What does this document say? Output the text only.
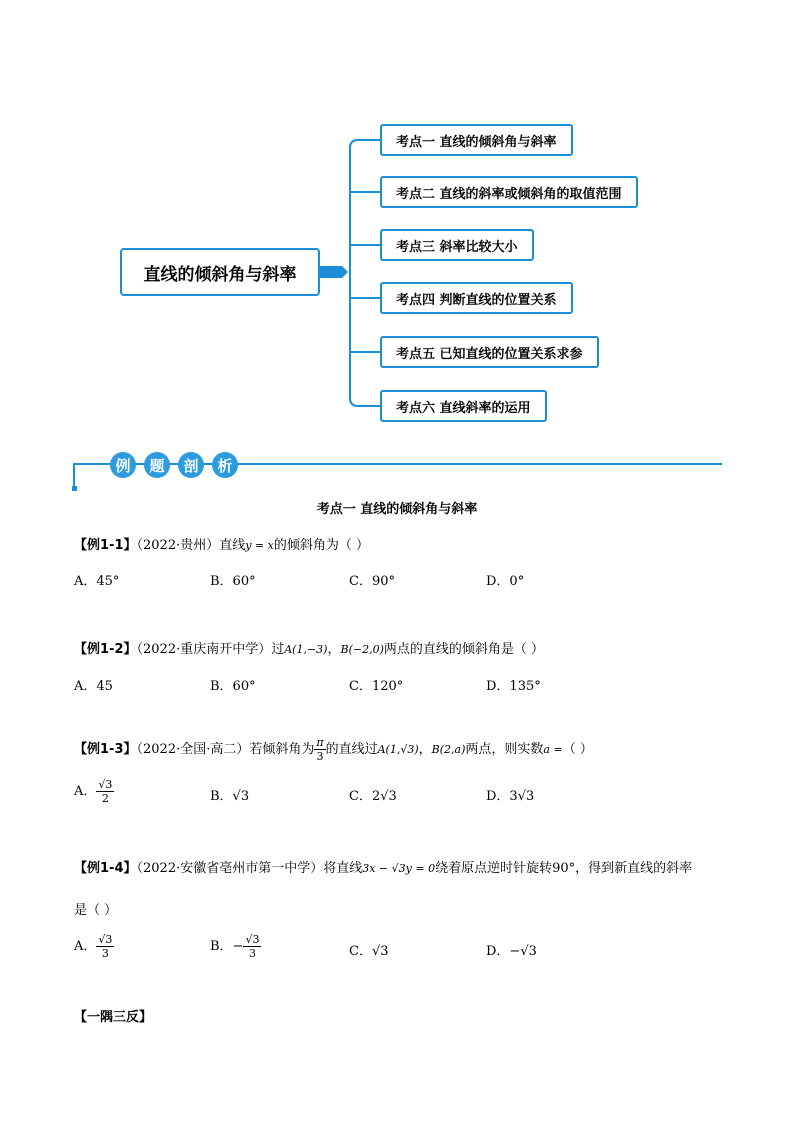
直线的倾斜角与斜率
考点一 直线的倾斜角与斜率
考点二 直线的斜率或倾斜角的取值范围
考点三 斜率比较大小
考点四 判断直线的位置关系
考点五 已知直线的位置关系求参
考点六 直线斜率的运用
例	题	剖	析
考点一 直线的倾斜角与斜率
【例1-1】（2022·贵州）直线y = x的倾斜角为（ ）
A．45°	B．60°	C．90°	D．0°
【例1-2】（2022·重庆南开中学）过A(1,−3)，B(−2,0)两点的直线的倾斜角是（ ）
A．45	B．60°	C．120°	D．135°
【例1-3】（2022·全国·高二）若倾斜角为 $\frac{\pi}{3}$ 的直线过A(1,√3)，B(2,a)两点，则实数a =（ ）
A． $\frac{√3}{2}$	B．√3	C．2√3	D．3√3
【例1-4】（2022·安徽省亳州市第一中学）将直线3x − √3y = 0绕着原点逆时针旋转90°，得到新直线的斜率
是（ ）
A． $\frac{√3}{3}$	B．− $\frac{√3}{3}$	C．√3	D．−√3
【一隅三反】
